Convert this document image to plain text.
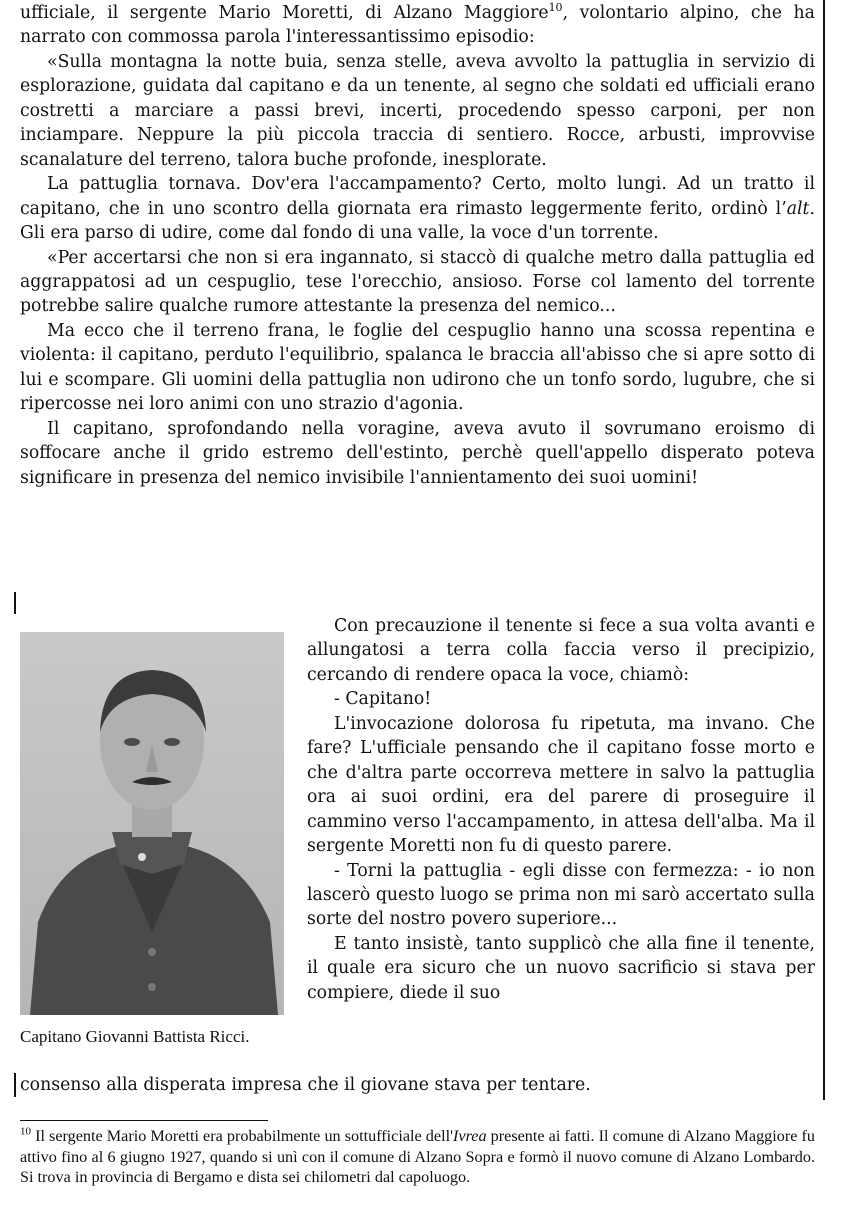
ufficiale, il sergente Mario Moretti, di Alzano Maggiore$^{10}$, volontario alpino, che ha narrato con commossa parola l'interessantissimo episodio:

«Sulla montagna la notte buia, senza stelle, aveva avvolto la pattuglia in servizio di esplorazione, guidata dal capitano e da un tenente, al segno che soldati ed ufficiali erano costretti a marciare a passi brevi, incerti, procedendo spesso carponi, per non inciampare. Neppure la più piccola traccia di sentiero. Rocce, arbusti, improvvise scanalature del terreno, talora buche profonde, inesplorate.

La pattuglia tornava. Dov'era l'accampamento? Certo, molto lungi. Ad un tratto il capitano, che in uno scontro della giornata era rimasto leggermente ferito, ordinò l’alt. Gli era parso di udire, come dal fondo di una valle, la voce d'un torrente.

«Per accertarsi che non si era ingannato, si staccò di qualche metro dalla pattuglia ed aggrappatosi ad un cespuglio, tese l'orecchio, ansioso. Forse col lamento del torrente potrebbe salire qualche rumore attestante la presenza del nemico...

Ma ecco che il terreno frana, le foglie del cespuglio hanno una scossa repentina e violenta: il capitano, perduto l'equilibrio, spalanca le braccia all'abisso che si apre sotto di lui e scompare. Gli uomini della pattuglia non udirono che un tonfo sordo, lugubre, che si ripercosse nei loro animi con uno strazio d'agonia.

Il capitano, sprofondando nella voragine, aveva avuto il sovrumano eroismo di soffocare anche il grido estremo dell'estinto, perchè quell'appello disperato poteva significare in presenza del nemico invisibile l'annientamento dei suoi uomini!

Capitano Giovanni Battista Ricci.

Con precauzione il tenente si fece a sua volta avanti e allungatosi a terra colla faccia verso il precipizio, cercando di rendere opaca la voce, chiamò:

- Capitano!

L'invocazione dolorosa fu ripetuta, ma invano. Che fare? L'ufficiale pensando che il capitano fosse morto e che d'altra parte occorreva mettere in salvo la pattuglia ora ai suoi ordini, era del parere di proseguire il cammino verso l'accampamento, in attesa dell'alba. Ma il sergente Moretti non fu di questo parere.

- Torni la pattuglia - egli disse con fermezza: - io non lascerò questo luogo se prima non mi sarò accertato sulla sorte del nostro povero superiore...

E tanto insistè, tanto supplicò che alla fine il tenente, il quale era sicuro che un nuovo sacrificio si stava per compiere, diede il suo

consenso alla disperata impresa che il giovane stava per tentare.
$^{10}$ Il sergente Mario Moretti era probabilmente un sottufficiale dell'Ivrea presente ai fatti. Il comune di Alzano Maggiore fu attivo fino al 6 giugno 1927, quando si unì con il comune di Alzano Sopra e formò il nuovo comune di Alzano Lombardo. Si trova in provincia di Bergamo e dista sei chilometri dal capoluogo.
